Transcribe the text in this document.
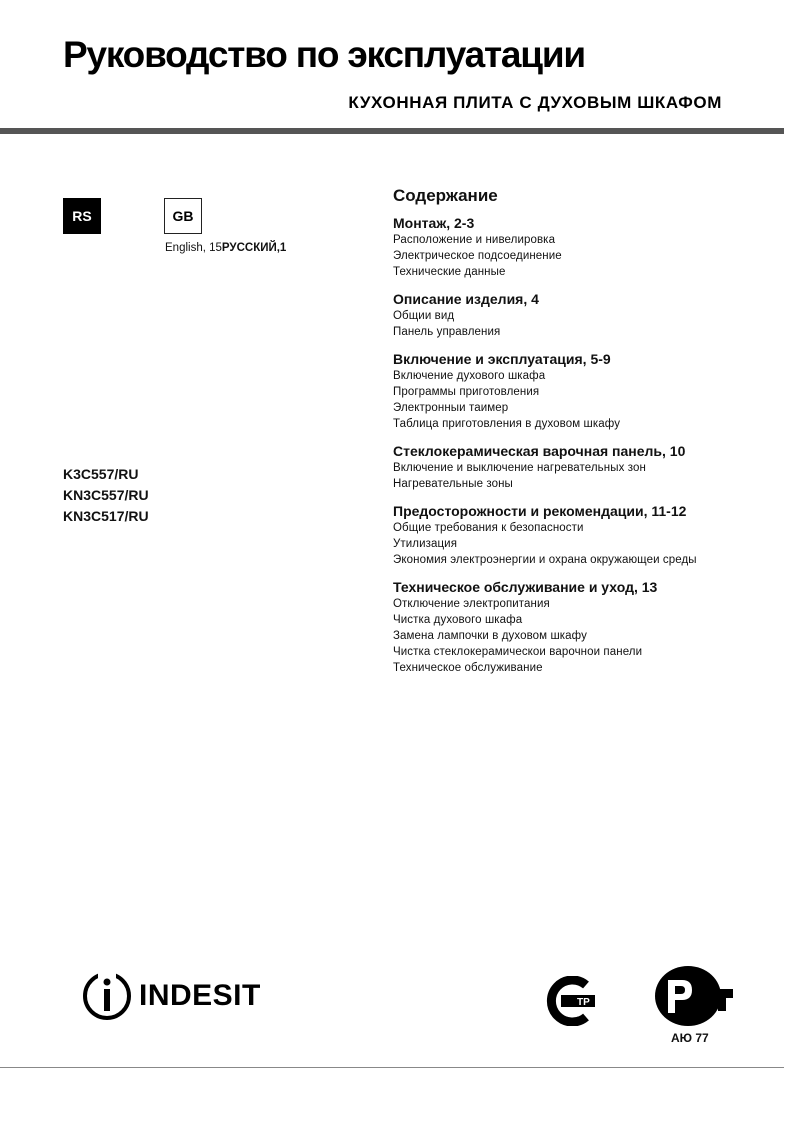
Руководство по эксплуатации
КУХОННАЯ ПЛИТА С ДУХОВЫМ ШКАФОМ
RS	GB
English, 15РУССКИЙ,1
K3C557/RU
KN3C557/RU
KN3C517/RU
Содержание
Монтаж, 2-3
Расположение и нивелировка
Электрическое подсоединение
Технические данные
Описание изделия, 4
Общии вид
Панель управления
Включение и эксплуатация, 5-9
Включение духового шкафа
Программы приготовления
Электронныи таимер
Таблица приготовления в духовом шкафу
Стеклокерамическая варочная панель, 10
Включение и выключение нагревательных зон
Нагревательные зоны
Предосторожности и рекомендации, 11-12
Общие требования к безопасности
Утилизация
Экономия электроэнергии и охрана окружающеи среды
Техническое обслуживание и уход, 13
Отключение электропитания
Чистка духового шкафа
Замена лампочки в духовом шкафу
Чистка стеклокерамическои варочнои панели
Техническое обслуживание
INDESIT	TP
АЮ 77
